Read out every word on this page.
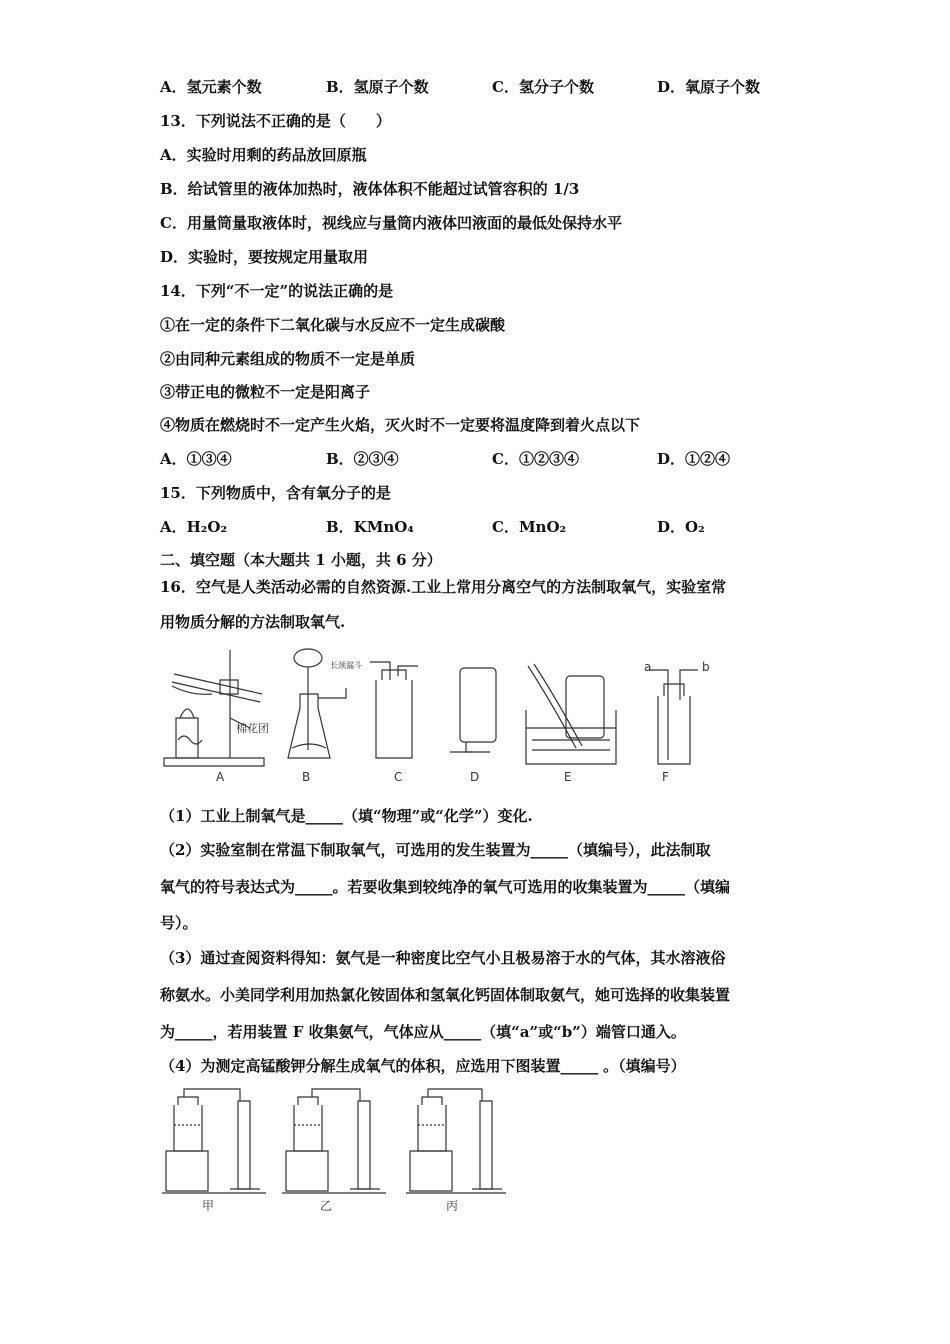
A．氢元素个数	B．氢原子个数	C．氢分子个数	D．氧原子个数
13．下列说法不正确的是（　　）
A．实验时用剩的药品放回原瓶
B．给试管里的液体加热时，液体体积不能超过试管容积的 1/3
C．用量筒量取液体时，视线应与量筒内液体凹液面的最低处保持水平
D．实验时，要按规定用量取用
14．下列“不一定”的说法正确的是
①在一定的条件下二氧化碳与水反应不一定生成碳酸
②由同种元素组成的物质不一定是单质
③带正电的微粒不一定是阳离子
④物质在燃烧时不一定产生火焰，灭火时不一定要将温度降到着火点以下
A．①③④	B．②③④	C．①②③④	D．①②④
15．下列物质中，含有氧分子的是
A．H₂O₂	B．KMnO₄	C．MnO₂	D．O₂
二、填空题（本大题共 1 小题，共 6 分）
16．空气是人类活动必需的自然资源.工业上常用分离空气的方法制取氧气，实验室常
用物质分解的方法制取氧气.
棉花团
长颈漏斗	a	b
A	B	C	D	E	F
（1）工业上制氧气是_____（填“物理”或“化学”）变化.
（2）实验室制在常温下制取氧气，可选用的发生装置为_____（填编号），此法制取
氧气的符号表达式为_____。若要收集到较纯净的氧气可选用的收集装置为_____（填编
号）。
（3）通过查阅资料得知：氨气是一种密度比空气小且极易溶于水的气体，其水溶液俗
称氨水。小美同学利用加热氯化铵固体和氢氧化钙固体制取氨气，她可选择的收集装置
为_____，若用装置 F 收集氨气，气体应从_____（填“a”或“b”）端管口通入。
（4）为测定高锰酸钾分解生成氧气的体积，应选用下图装置_____ 。（填编号）
甲	乙	丙
